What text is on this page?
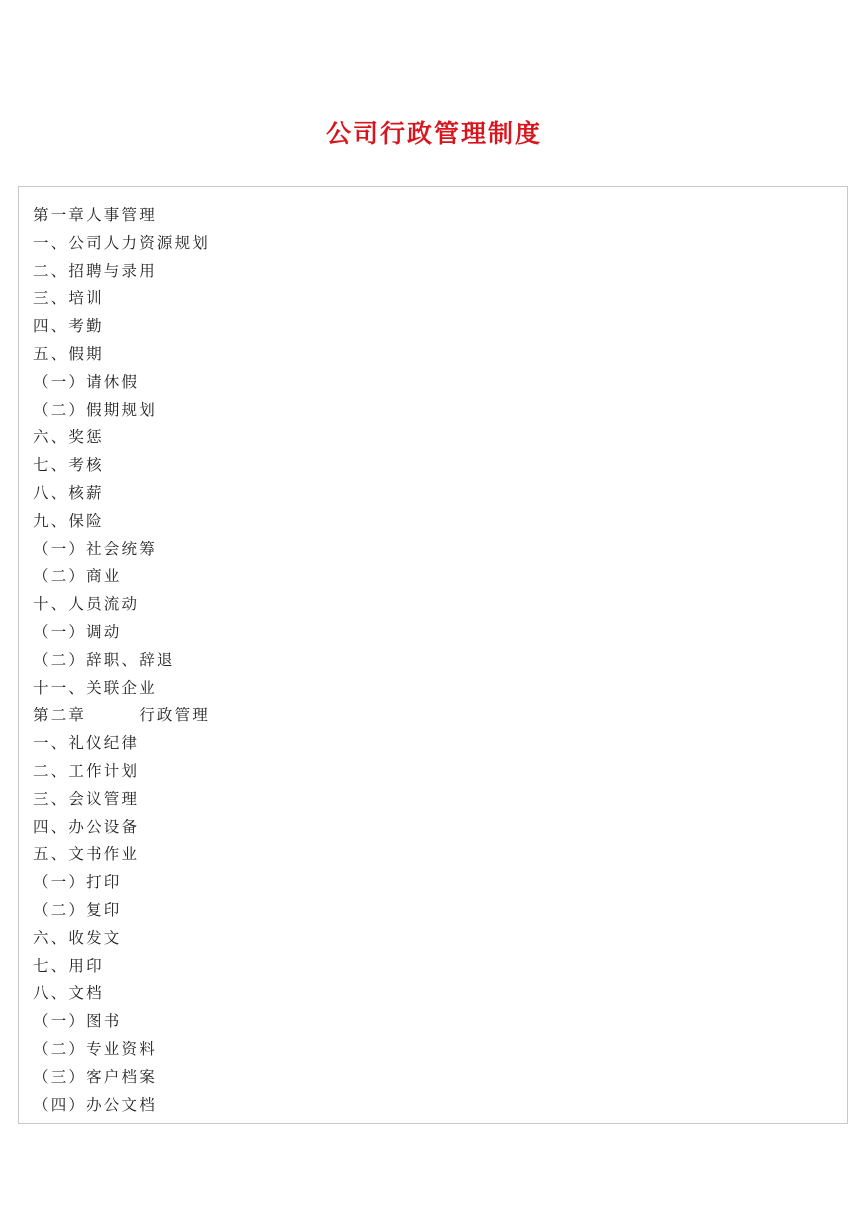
公司行政管理制度
第一章人事管理
一、公司人力资源规划
二、招聘与录用
三、培训
四、考勤
五、假期
（一）请休假
（二）假期规划
六、奖惩
七、考核
八、核薪
九、保险
（一）社会统筹
（二）商业
十、人员流动
（一）调动
（二）辞职、辞退
十一、关联企业
第二章　　　行政管理
一、礼仪纪律
二、工作计划
三、会议管理
四、办公设备
五、文书作业
（一）打印
（二）复印
六、收发文
七、用印
八、文档
（一）图书
（二）专业资料
（三）客户档案
（四）办公文档
